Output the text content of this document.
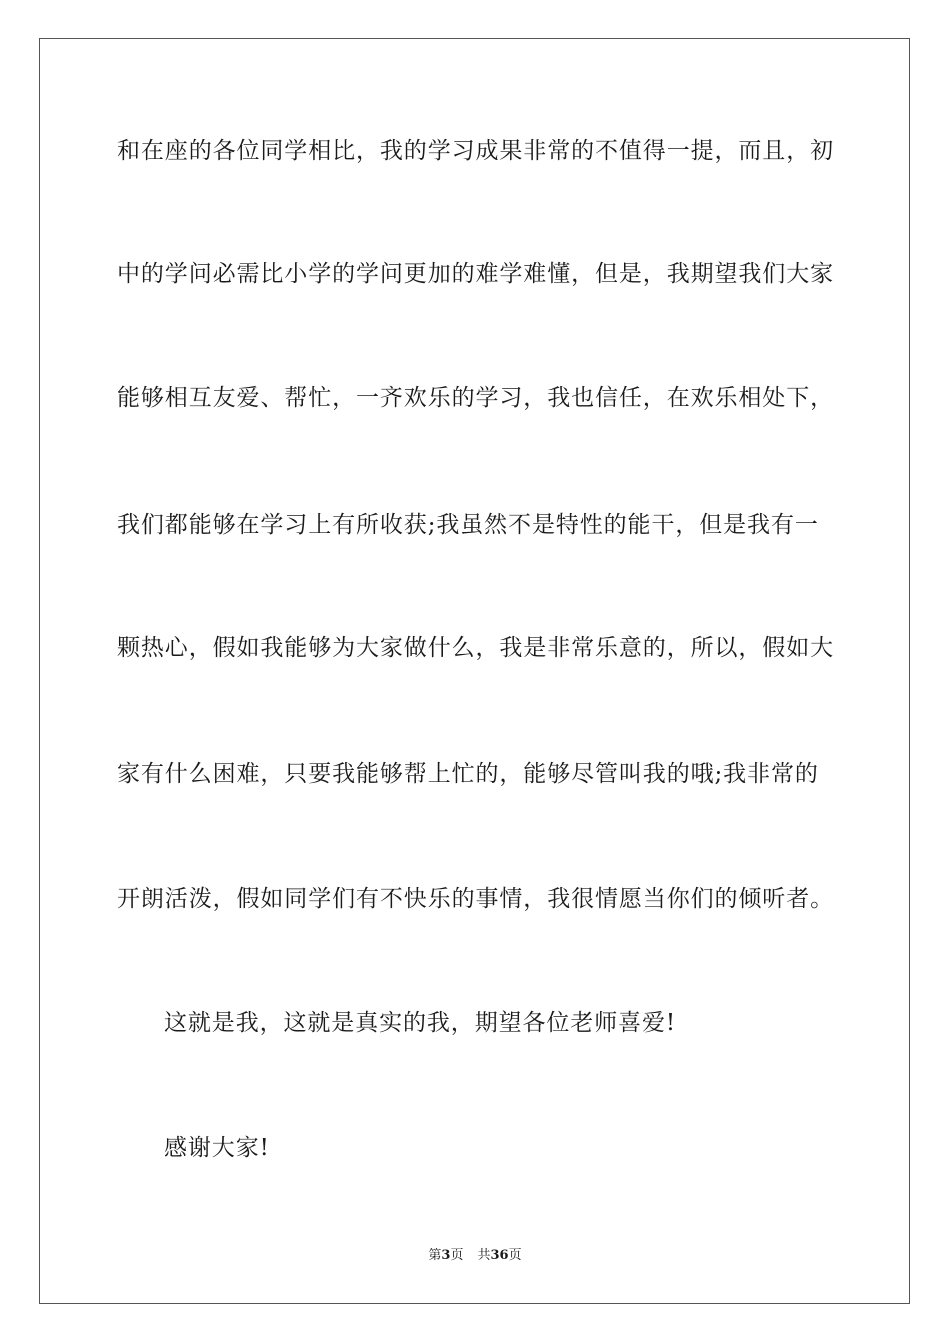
和在座的各位同学相比，我的学习成果非常的不值得一提，而且，初
中的学问必需比小学的学问更加的难学难懂，但是，我期望我们大家
能够相互友爱、帮忙，一齐欢乐的学习，我也信任，在欢乐相处下，
我们都能够在学习上有所收获;我虽然不是特性的能干，但是我有一
颗热心，假如我能够为大家做什么，我是非常乐意的，所以，假如大
家有什么困难，只要我能够帮上忙的，能够尽管叫我的哦;我非常的
开朗活泼，假如同学们有不快乐的事情，我很情愿当你们的倾听者。
这就是我，这就是真实的我，期望各位老师喜爱!
感谢大家!
第3页 共36页
